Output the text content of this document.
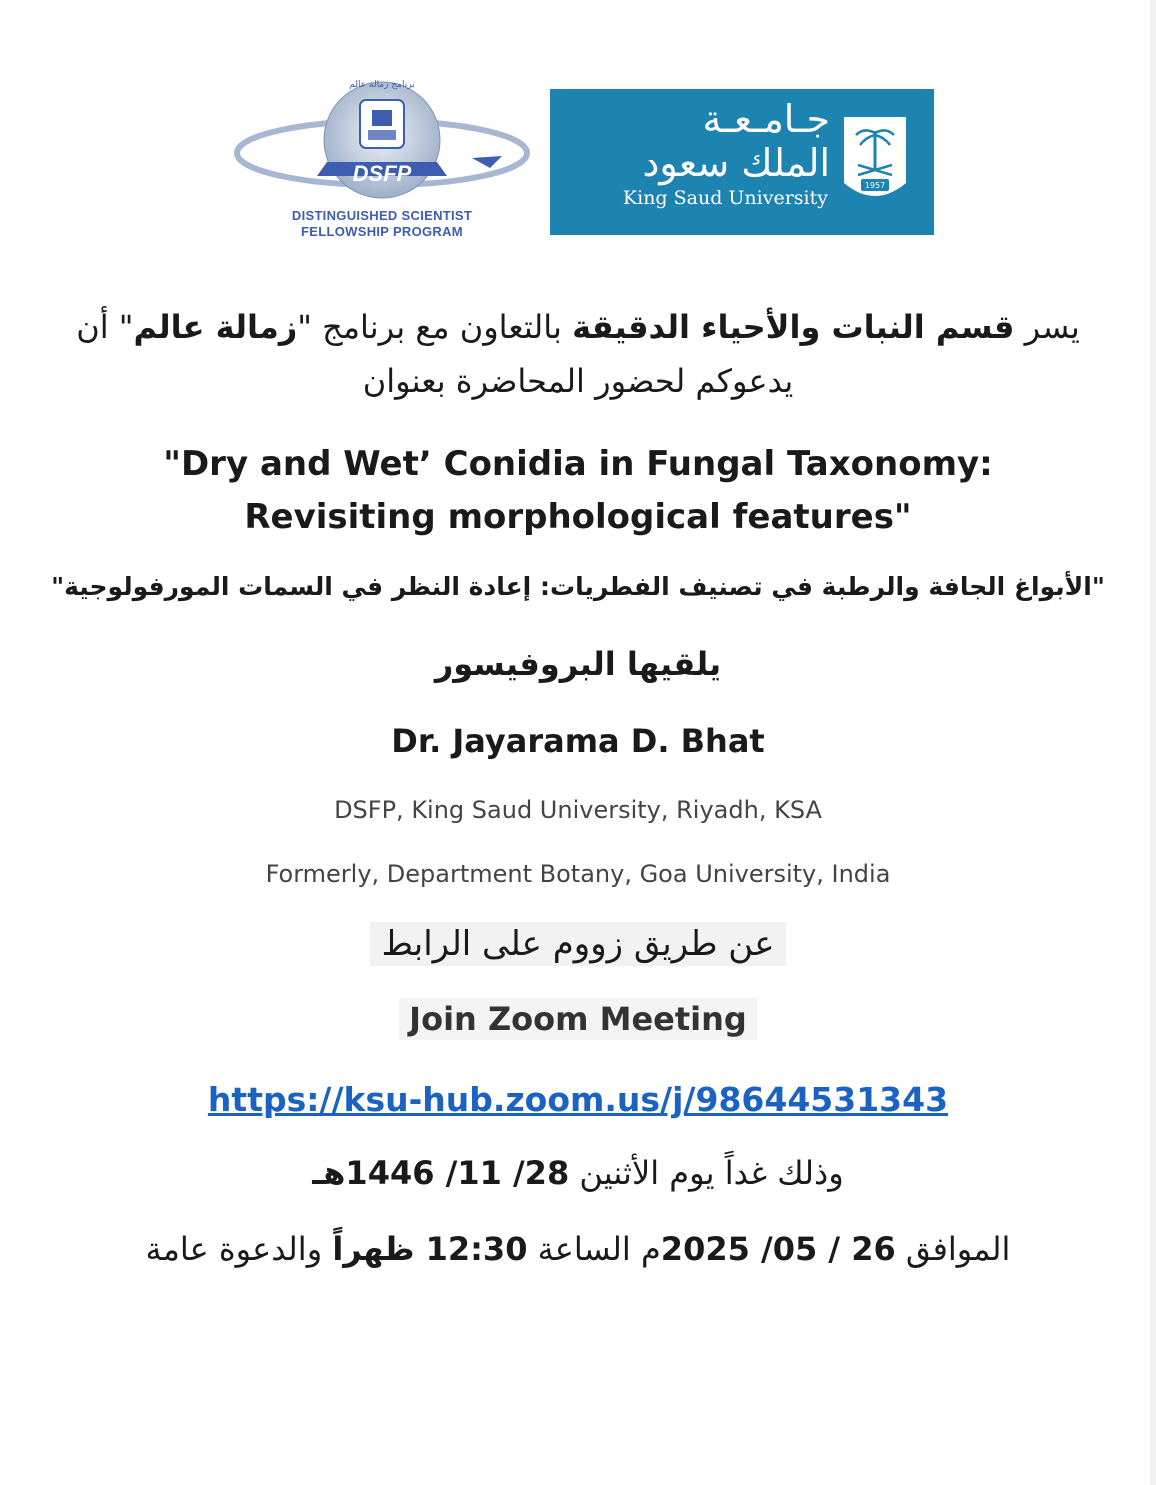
برنامج زمالة عالم
DSFP
DISTINGUISHED SCIENTIST
FELLOWSHIP PROGRAM
جـامـعـة
الملك سعود
King Saud University
1957
يسر قسم النبات والأحياء الدقيقة بالتعاون مع برنامج "زمالة عالم" أن
يدعوكم لحضور المحاضرة بعنوان
"Dry and Wet’ Conidia in Fungal Taxonomy:
Revisiting morphological features"
"الأبواغ الجافة والرطبة في تصنيف الفطريات: إعادة النظر في السمات المورفولوجية"
يلقيها البروفيسور
Dr. Jayarama D. Bhat
DSFP, King Saud University, Riyadh, KSA
Formerly, Department Botany, Goa University, India
عن طريق زووم على الرابط
Join Zoom Meeting
https://ksu-hub.zoom.us/j/98644531343
وذلك غداً يوم الأثنين 28/ 11/ 1446هـ
الموافق 26 / 05/ 2025م الساعة 12:30 ظهراً والدعوة عامة
